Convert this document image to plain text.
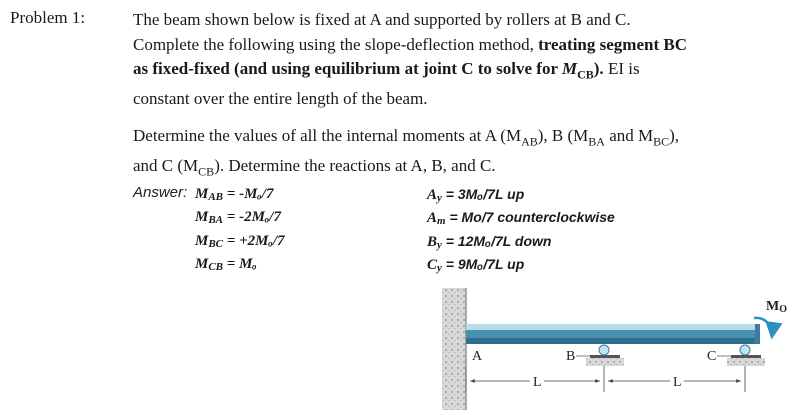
Problem 1:	The beam shown below is fixed at A and supported by rollers at B and C.
Complete the following using the slope-deflection method, treating segment BC
as fixed-fixed (and using equilibrium at joint C to solve for $M_{CB}$). EI is
constant over the entire length of the beam.
Determine the values of all the internal moments at A $(M_{AB})$, B ($M_{BA}$ and $M_{BC}$),
and C $(M_{CB})$. Determine the reactions at A, B, and C.
Answer: MAB = -Mₒ/7
MBA = -2Mₒ/7
MBC = +2Mₒ/7
MCB = Mₒ
Ay = 3Mₒ/7L up
Am = Mo/7 counterclockwise
By = 12Mₒ/7L down
Cy = 9Mₒ/7L up
A	B	C
MO
L	L
